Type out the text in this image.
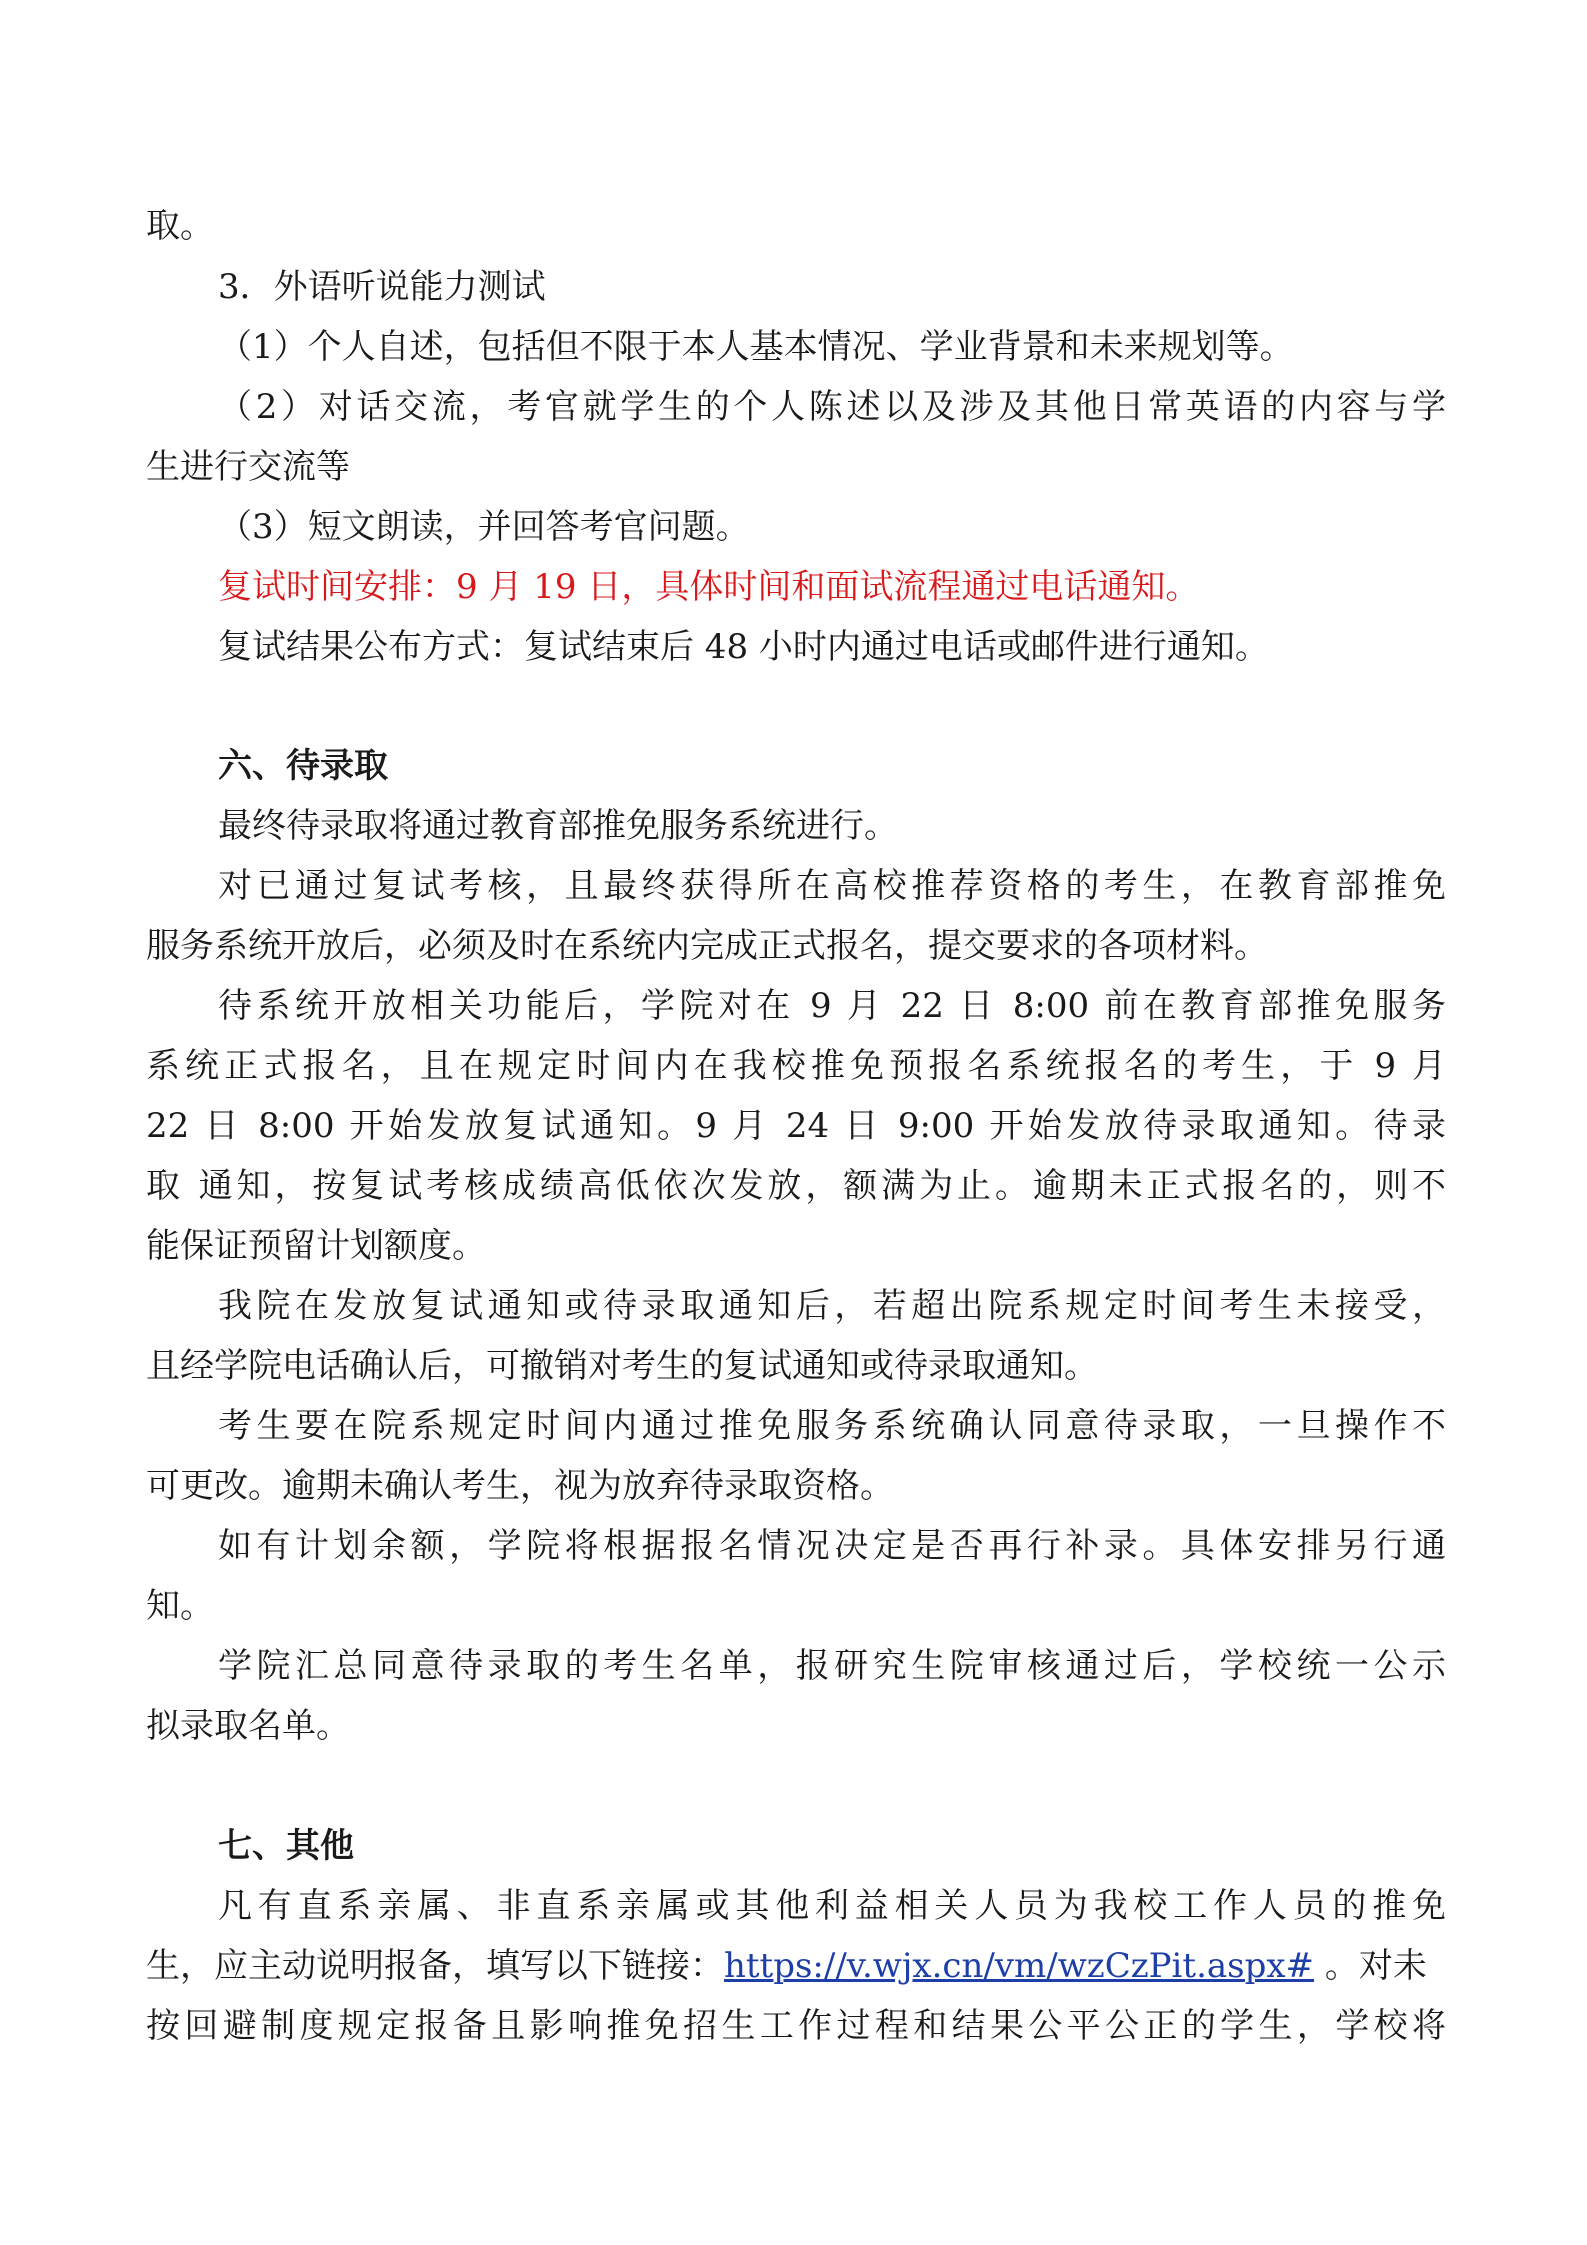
取。
3．外语听说能力测试
（1）个人自述，包括但不限于本人基本情况、学业背景和未来规划等。
（2）对话交流，考官就学生的个人陈述以及涉及其他日常英语的内容与学
生进行交流等
（3）短文朗读，并回答考官问题。
复试时间安排：9 月 19 日，具体时间和面试流程通过电话通知。
复试结果公布方式：复试结束后 48 小时内通过电话或邮件进行通知。
六、待录取
最终待录取将通过教育部推免服务系统进行。
对已通过复试考核，且最终获得所在高校推荐资格的考生，在教育部推免
服务系统开放后，必须及时在系统内完成正式报名，提交要求的各项材料。
待系统开放相关功能后，学院对在 9 月 22 日 8:00 前在教育部推免服务
系统正式报名，且在规定时间内在我校推免预报名系统报名的考生，于 9 月
22 日 8:00 开始发放复试通知。9 月 24 日 9:00 开始发放待录取通知。待录
取 通知，按复试考核成绩高低依次发放，额满为止。逾期未正式报名的，则不
能保证预留计划额度。
我院在发放复试通知或待录取通知后，若超出院系规定时间考生未接受，
且经学院电话确认后，可撤销对考生的复试通知或待录取通知。
考生要在院系规定时间内通过推免服务系统确认同意待录取，一旦操作不
可更改。逾期未确认考生，视为放弃待录取资格。
如有计划余额，学院将根据报名情况决定是否再行补录。具体安排另行通
知。
学院汇总同意待录取的考生名单，报研究生院审核通过后，学校统一公示
拟录取名单。
七、其他
凡有直系亲属、非直系亲属或其他利益相关人员为我校工作人员的推免
生，应主动说明报备，填写以下链接：https://v.wjx.cn/vm/wzCzPit.aspx# 。对未
按回避制度规定报备且影响推免招生工作过程和结果公平公正的学生，学校将
